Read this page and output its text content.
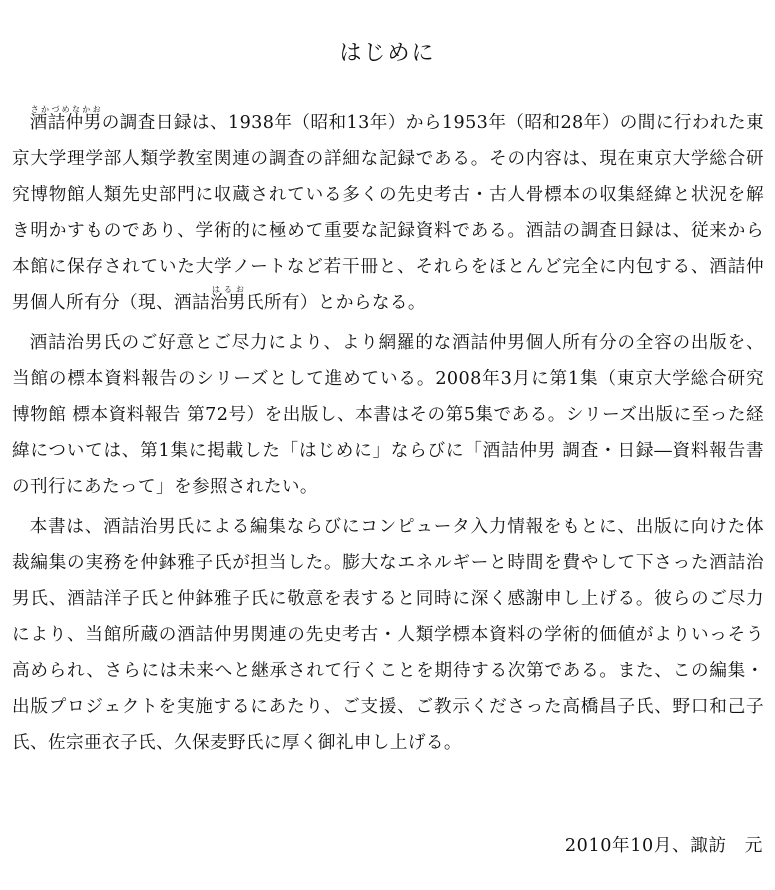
はじめに

酒詰仲男さかづめなかおの調査日録は、1938年（昭和13年）から1953年（昭和28年）の間に行われた東京大学理学部人類学教室関連の調査の詳細な記録である。その内容は、現在東京大学総合研究博物館人類先史部門に収蔵されている多くの先史考古・古人骨標本の収集経緯と状況を解き明かすものであり、学術的に極めて重要な記録資料である。酒詰の調査日録は、従来から本館に保存されていた大学ノートなど若干冊と、それらをほとんど完全に内包する、酒詰仲男個人所有分（現、酒詰治男はるお氏所有）とからなる。

酒詰治男氏のご好意とご尽力により、より網羅的な酒詰仲男個人所有分の全容の出版を、当館の標本資料報告のシリーズとして進めている。2008年3月に第1集（東京大学総合研究博物館 標本資料報告 第72号）を出版し、本書はその第5集である。シリーズ出版に至った経緯については、第1集に掲載した「はじめに」ならびに「酒詰仲男 調査・日録―資料報告書の刊行にあたって」を参照されたい。

本書は、酒詰治男氏による編集ならびにコンピュータ入力情報をもとに、出版に向けた体裁編集の実務を仲鉢雅子氏が担当した。膨大なエネルギーと時間を費やして下さった酒詰治男氏、酒詰洋子氏と仲鉢雅子氏に敬意を表すると同時に深く感謝申し上げる。彼らのご尽力により、当館所蔵の酒詰仲男関連の先史考古・人類学標本資料の学術的価値がよりいっそう高められ、さらには未来へと継承されて行くことを期待する次第である。また、この編集・出版プロジェクトを実施するにあたり、ご支援、ご教示くださった高橋昌子氏、野口和己子氏、佐宗亜衣子氏、久保麦野氏に厚く御礼申し上げる。

2010年10月、諏訪　元
